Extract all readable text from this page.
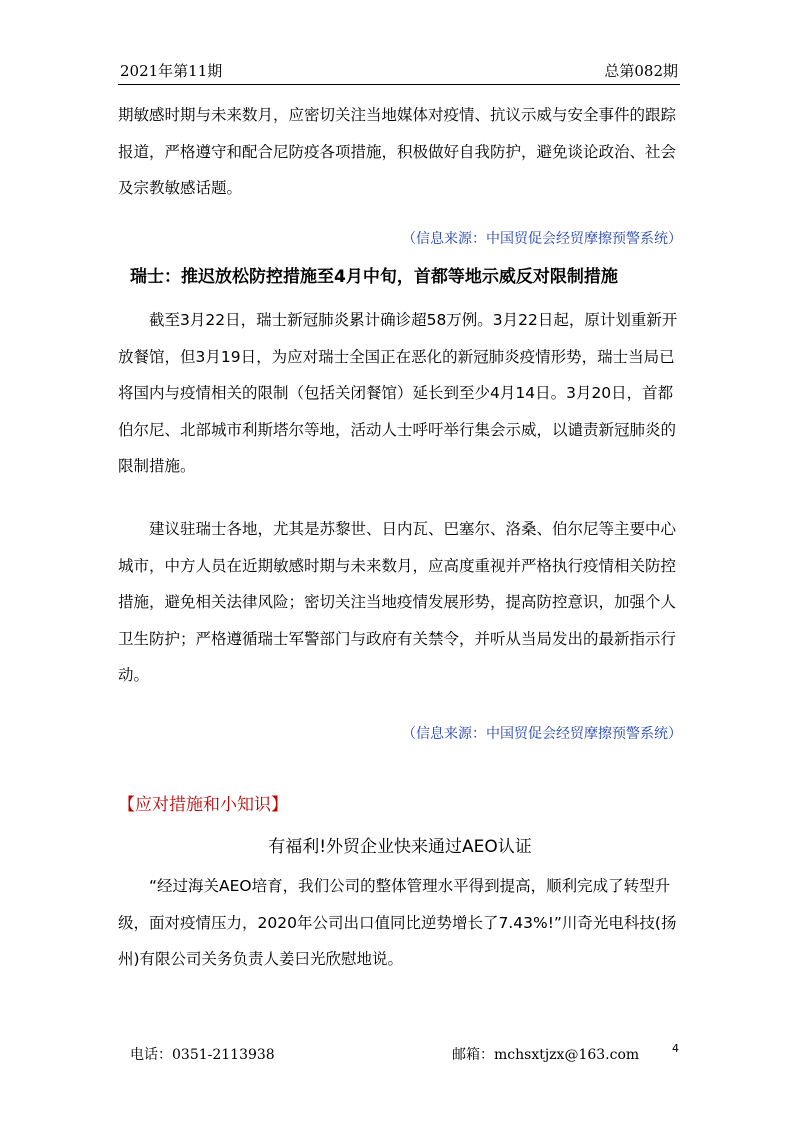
2021年第11期	总第082期

期敏感时期与未来数月，应密切关注当地媒体对疫情、抗议示威与安全事件的跟踪报道，严格遵守和配合尼防疫各项措施，积极做好自我防护，避免谈论政治、社会及宗教敏感话题。

（信息来源：中国贸促会经贸摩擦预警系统）
瑞士：推迟放松防控措施至4月中旬，首都等地示威反对限制措施

截至3月22日，瑞士新冠肺炎累计确诊超58万例。3月22日起，原计划重新开放餐馆，但3月19日，为应对瑞士全国正在恶化的新冠肺炎疫情形势，瑞士当局已将国内与疫情相关的限制（包括关闭餐馆）延长到至少4月14日。3月20日，首都伯尔尼、北部城市利斯塔尔等地，活动人士呼吁举行集会示威，以谴责新冠肺炎的限制措施。

建议驻瑞士各地，尤其是苏黎世、日内瓦、巴塞尔、洛桑、伯尔尼等主要中心城市，中方人员在近期敏感时期与未来数月，应高度重视并严格执行疫情相关防控措施，避免相关法律风险；密切关注当地疫情发展形势，提高防控意识，加强个人卫生防护；严格遵循瑞士军警部门与政府有关禁令，并听从当局发出的最新指示行动。

（信息来源：中国贸促会经贸摩擦预警系统）
【应对措施和小知识】
有福利!外贸企业快来通过AEO认证

“经过海关AEO培育，我们公司的整体管理水平得到提高，顺利完成了转型升级，面对疫情压力，2020年公司出口值同比逆势增长了7.43%!”川奇光电科技(扬州)有限公司关务负责人姜曰光欣慰地说。

电话：0351-2113938	邮箱：mchsxtjzx@163.com	4
